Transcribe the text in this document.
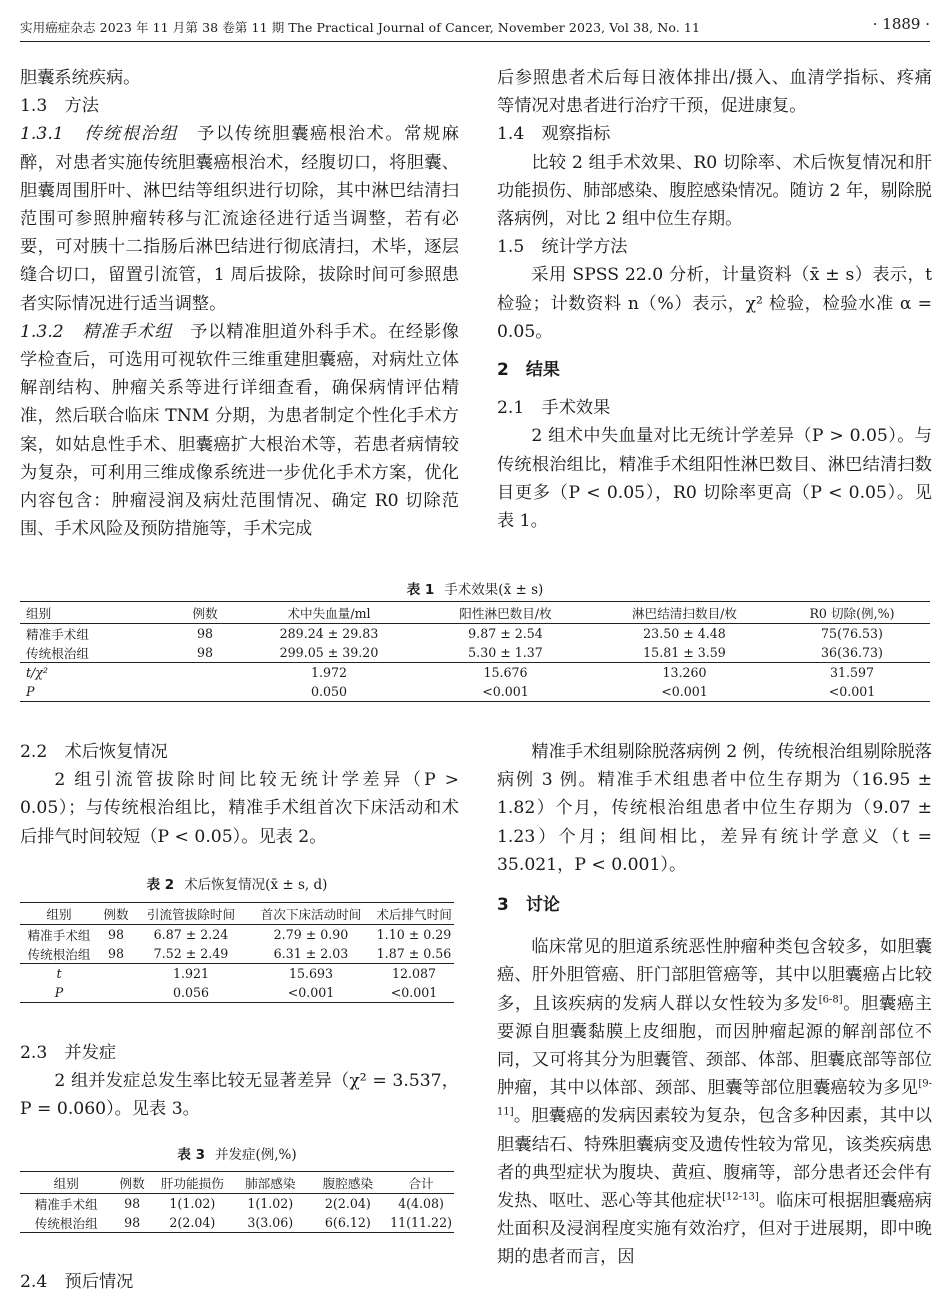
实用癌症杂志 2023 年 11 月第 38 卷第 11 期 The Practical Journal of Cancer, November 2023, Vol 38, No. 11	· 1889 ·

胆囊系统疾病。

1.3　方法

1.3.1　传统根治组 予以传统胆囊癌根治术。常规麻醉，对患者实施传统胆囊癌根治术，经腹切口，将胆囊、胆囊周围肝叶、淋巴结等组织进行切除，其中淋巴结清扫范围可参照肿瘤转移与汇流途径进行适当调整，若有必要，可对胰十二指肠后淋巴结进行彻底清扫，术毕，逐层缝合切口，留置引流管，1 周后拔除，拔除时间可参照患者实际情况进行适当调整。

1.3.2　精准手术组 予以精准胆道外科手术。在经影像学检查后，可选用可视软件三维重建胆囊癌，对病灶立体解剖结构、肿瘤关系等进行详细查看，确保病情评估精准，然后联合临床 TNM 分期，为患者制定个性化手术方案，如姑息性手术、胆囊癌扩大根治术等，若患者病情较为复杂，可利用三维成像系统进一步优化手术方案，优化内容包含：肿瘤浸润及病灶范围情况、确定 R0 切除范围、手术风险及预防措施等，手术完成

后参照患者术后每日液体排出/摄入、血清学指标、疼痛等情况对患者进行治疗干预，促进康复。

1.4　观察指标

比较 2 组手术效果、R0 切除率、术后恢复情况和肝功能损伤、肺部感染、腹腔感染情况。随访 2 年，剔除脱落病例，对比 2 组中位生存期。

1.5　统计学方法

采用 SPSS 22.0 分析，计量资料（x̄ ± s）表示，t 检验；计数资料 n（%）表示，χ² 检验，检验水准 α = 0.05。

2　结果

2.1　手术效果

2 组术中失血量对比无统计学差异（P > 0.05）。与传统根治组比，精准手术组阳性淋巴数目、淋巴结清扫数目更多（P < 0.05），R0 切除率更高（P < 0.05）。见表 1。

表 1 手术效果(x̄ ± s)
组别	例数	术中失血量/ml	阳性淋巴数目/枚	淋巴结清扫数目/枚	R0 切除(例,%)
精准手术组	98	289.24 ± 29.83	9.87 ± 2.54	23.50 ± 4.48	75(76.53)
传统根治组	98	299.05 ± 39.20	5.30 ± 1.37	15.81 ± 3.59	36(36.73)
t/χ²		1.972	15.676	13.260	31.597
P		0.050	<0.001	<0.001	<0.001

2.2　术后恢复情况

2 组引流管拔除时间比较无统计学差异（P > 0.05）；与传统根治组比，精准手术组首次下床活动和术后排气时间较短（P < 0.05）。见表 2。

表 2 术后恢复情况(x̄ ± s, d)
组别	例数	引流管拔除时间	首次下床活动时间	术后排气时间
精准手术组	98	6.87 ± 2.24	2.79 ± 0.90	1.10 ± 0.29
传统根治组	98	7.52 ± 2.49	6.31 ± 2.03	1.87 ± 0.56
t		1.921	15.693	12.087
P		0.056	<0.001	<0.001

2.3　并发症

2 组并发症总发生率比较无显著差异（χ² = 3.537，P = 0.060）。见表 3。

表 3 并发症(例,%)
组别	例数	肝功能损伤	肺部感染	腹腔感染	合计
精准手术组	98	1(1.02)	1(1.02)	2(2.04)	4(4.08)
传统根治组	98	2(2.04)	3(3.06)	6(6.12)	11(11.22)

2.4　预后情况

精准手术组剔除脱落病例 2 例，传统根治组剔除脱落病例 3 例。精准手术组患者中位生存期为（16.95 ± 1.82）个月，传统根治组患者中位生存期为（9.07 ± 1.23）个月；组间相比，差异有统计学意义（t = 35.021，P < 0.001）。

3　讨论

临床常见的胆道系统恶性肿瘤种类包含较多，如胆囊癌、肝外胆管癌、肝门部胆管癌等，其中以胆囊癌占比较多，且该疾病的发病人群以女性较为多发[6-8]。胆囊癌主要源自胆囊黏膜上皮细胞，而因肿瘤起源的解剖部位不同，又可将其分为胆囊管、颈部、体部、胆囊底部等部位肿瘤，其中以体部、颈部、胆囊等部位胆囊癌较为多见[9-11]。胆囊癌的发病因素较为复杂，包含多种因素，其中以胆囊结石、特殊胆囊病变及遗传性较为常见，该类疾病患者的典型症状为腹块、黄疸、腹痛等，部分患者还会伴有发热、呕吐、恶心等其他症状[12-13]。临床可根据胆囊癌病灶面积及浸润程度实施有效治疗，但对于进展期，即中晚期的患者而言，因
